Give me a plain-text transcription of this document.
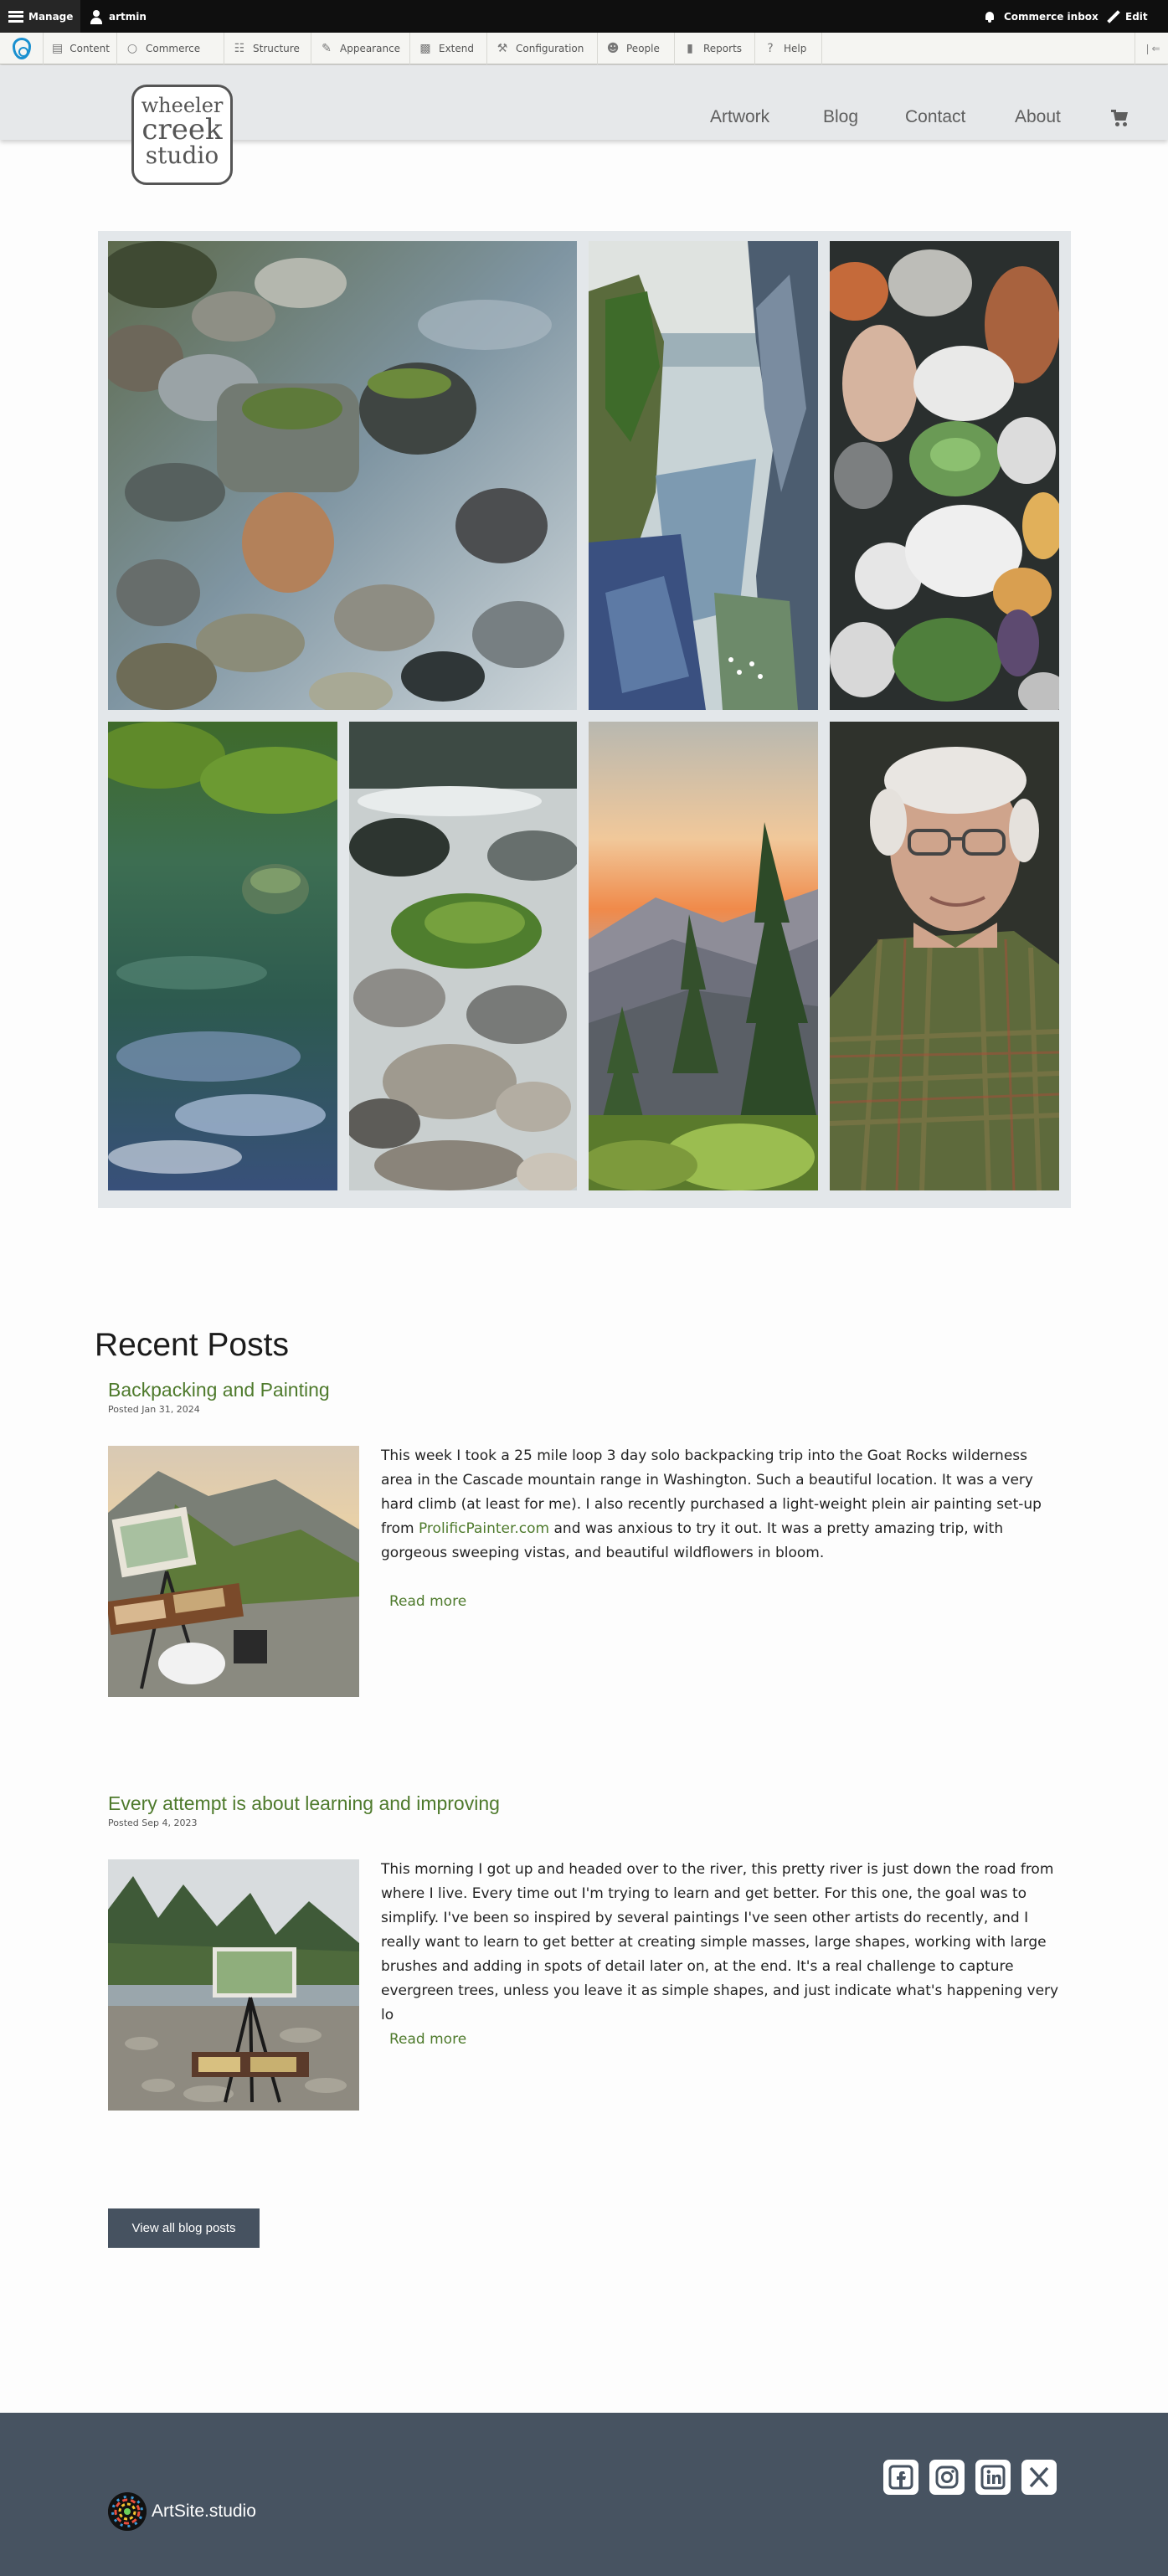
Manage	artmin	Commerce inbox	Edit
▤ Content ○ Commerce	☷ Structure ✎ Appearance ▩ Extend ⚒ Configuration ☻ People ▮	Reports	?	Help	❘⇐
wheeler
creek
studio
Artwork	Blog	Contact	About
Recent Posts
Backpacking and Painting
Posted Jan 31, 2024
This week I took a 25 mile loop 3 day solo backpacking trip into the Goat Rocks wilderness area in the Cascade mountain range in Washington. Such a beautiful location. It was a very hard climb (at least for me). I also recently purchased a light-weight plein air painting set-up from ProlificPainter.com and was anxious to try it out. It was a pretty amazing trip, with gorgeous sweeping vistas, and beautiful wildflowers in bloom.
Read more
Every attempt is about learning and improving
Posted Sep 4, 2023
This morning I got up and headed over to the river, this pretty river is just down the road from where I live. Every time out I'm trying to learn and get better. For this one, the goal was to simplify. I've been so inspired by several paintings I've seen other artists do recently, and I really want to learn to get better at creating simple masses, large shapes, working with large brushes and adding in spots of detail later on, at the end. It's a real challenge to capture evergreen trees, unless you leave it as simple shapes, and just indicate what's happening very lo
Read more
View all blog posts
ArtSite.studio
